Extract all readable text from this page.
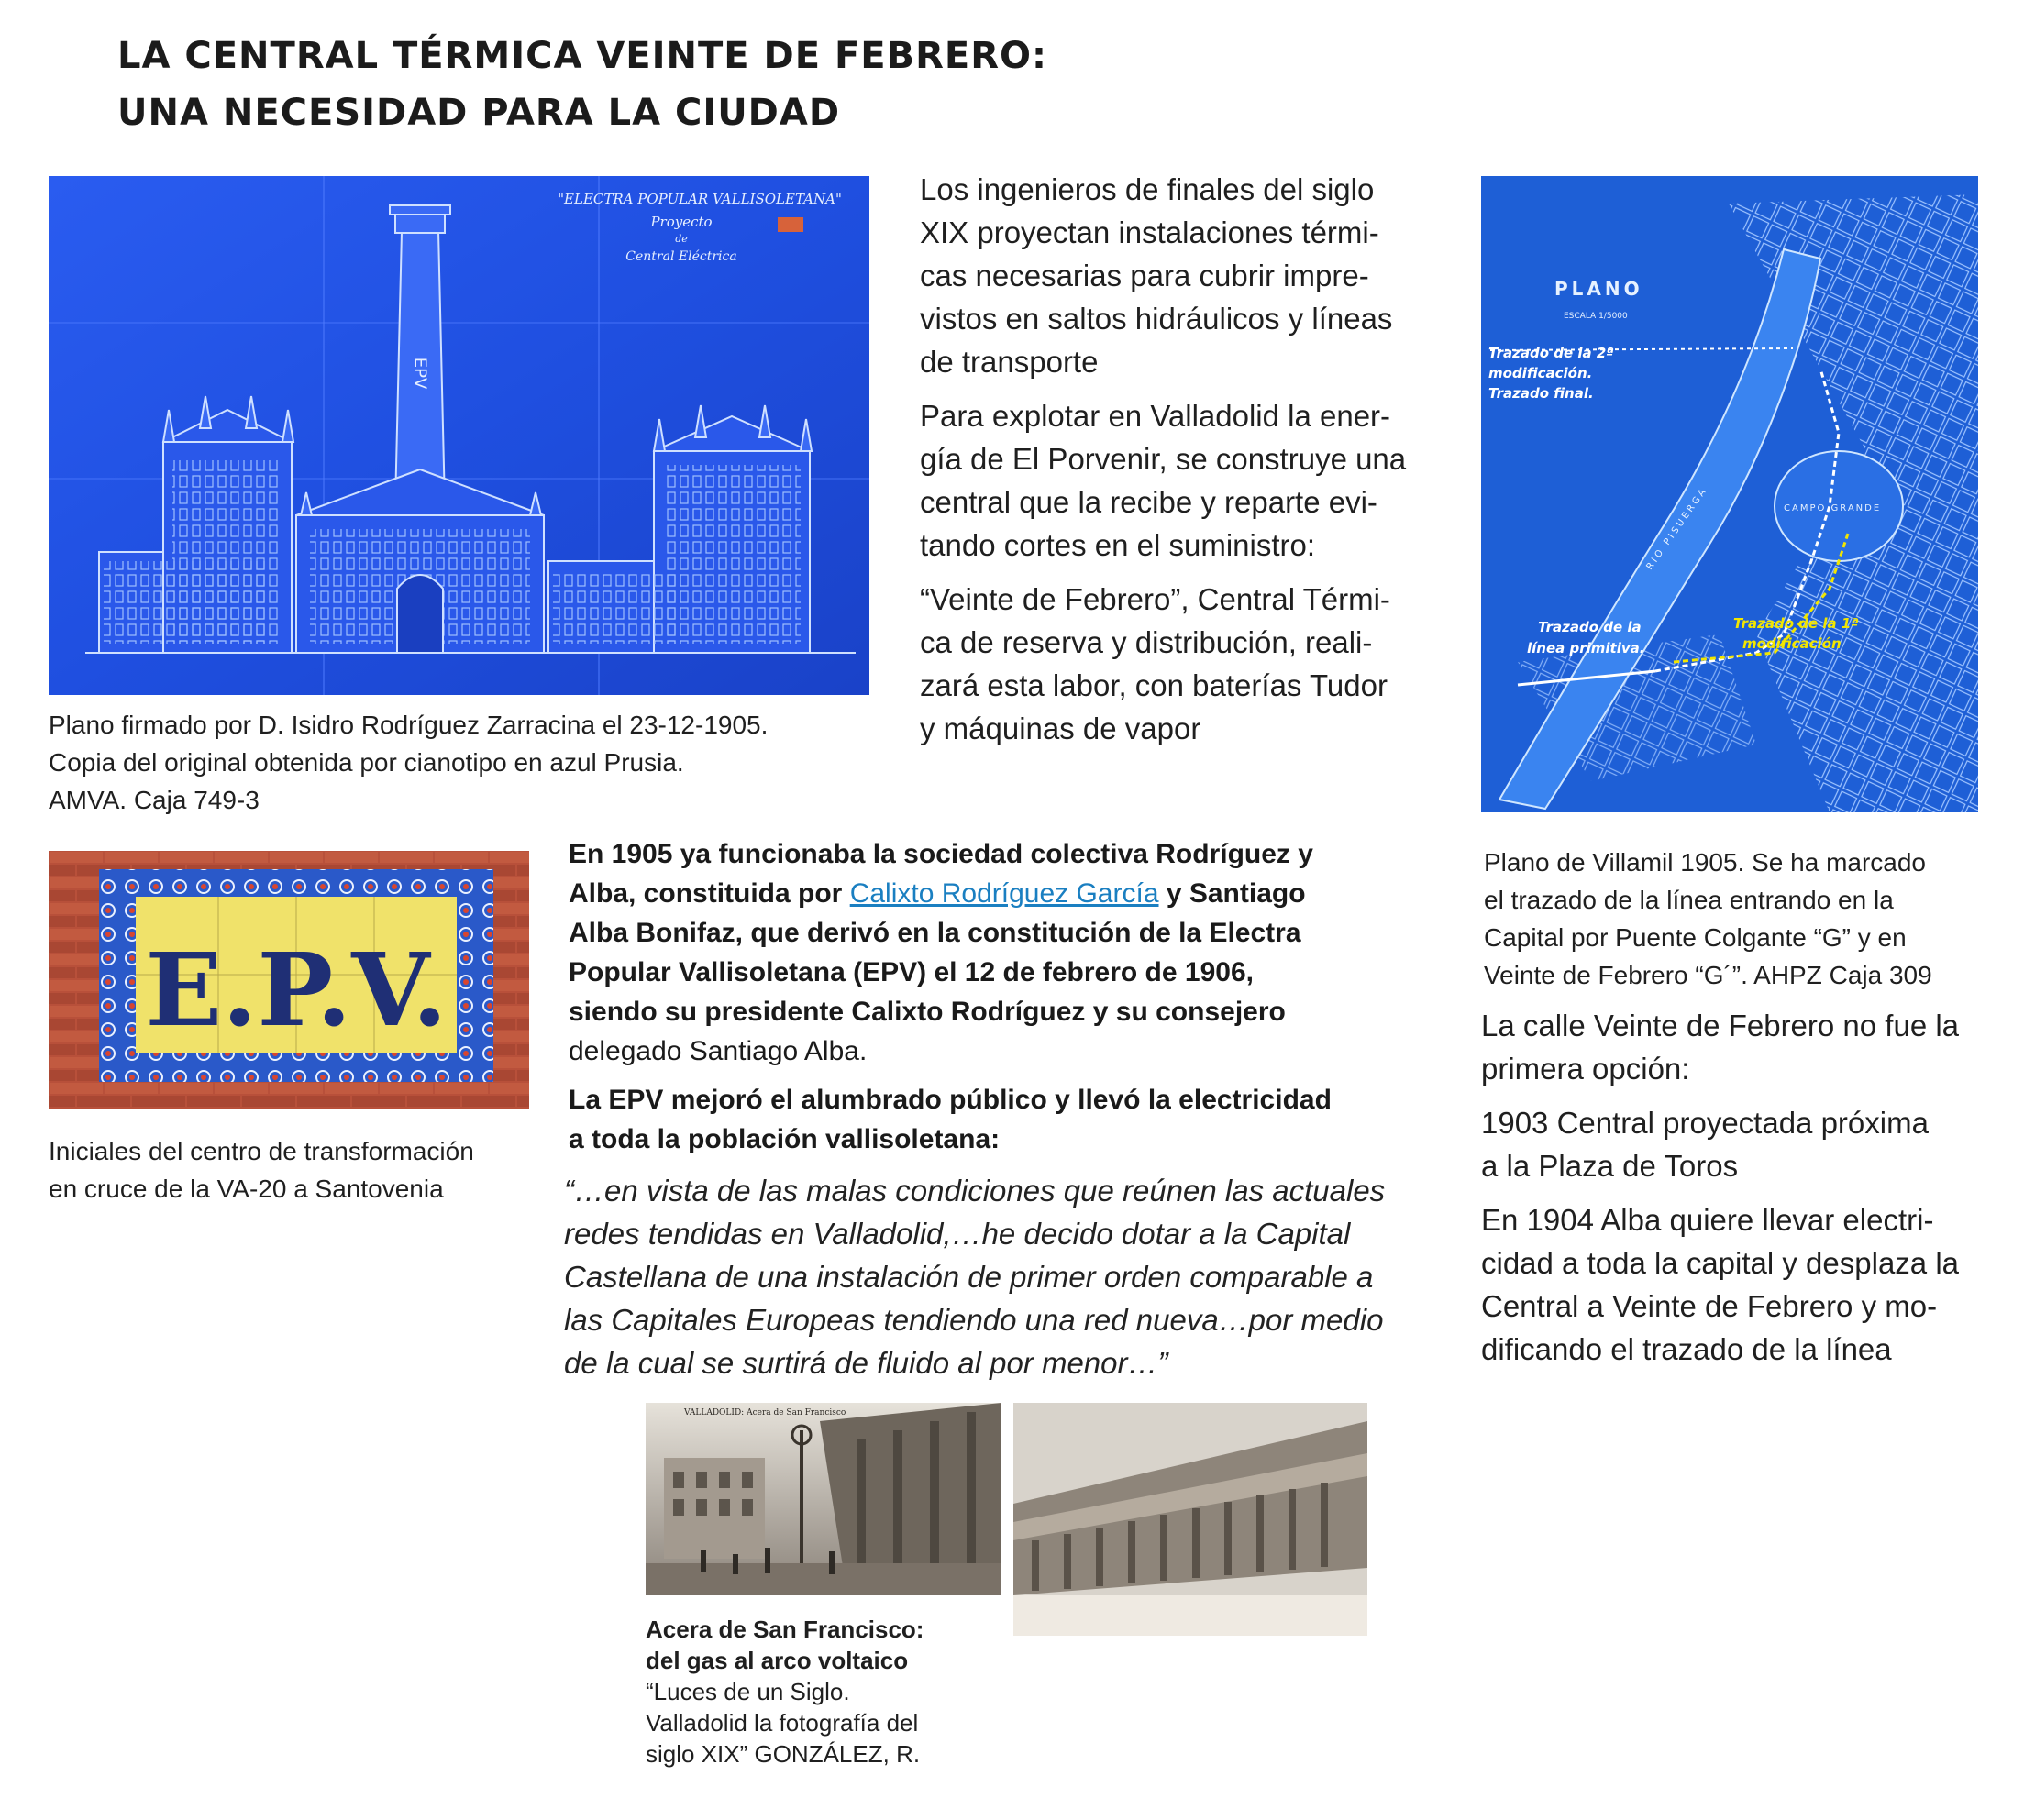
LA CENTRAL TÉRMICA VEINTE DE FEBRERO:
UNA NECESIDAD PARA LA CIUDAD
"ELECTRA POPULAR VALLISOLETANA"
Proyecto
de
Central Eléctrica
EPV
Plano firmado por D. Isidro Rodríguez Zarracina el 23-12-1905.
Copia del original obtenida por cianotipo en azul Prusia.
AMVA. Caja 749-3

Los ingenieros de finales del siglo
XIX proyectan instalaciones térmi-
cas necesarias para cubrir impre-
vistos en saltos hidráulicos y líneas
de transporte

Para explotar en Valladolid la ener-
gía de El Porvenir, se construye una
central que la recibe y reparte evi-
tando cortes en el suministro:

“Veinte de Febrero”, Central Térmi-
ca de reserva y distribución, reali-
zará esta labor, con baterías Tudor
y máquinas de vapor

PLANO
ESCALA 1/5000
Trazado de la 2ª modificación. Trazado final.
Trazado de la línea primitiva.
Trazado de la 1ª modificación
RIO PISUERGA	CAMPO GRANDE
Plano de Villamil 1905. Se ha marcado
el trazado de la línea entrando en la
Capital por Puente Colgante “G” y en
Veinte de Febrero “G´”. AHPZ Caja 309
E.P.V.
Iniciales del centro de transformación
en cruce de la VA-20 a Santovenia

En 1905 ya funcionaba la sociedad colectiva Rodríguez y
Alba, constituida por Calixto Rodríguez García y Santiago
Alba Bonifaz, que derivó en la constitución de la Electra
Popular Vallisoletana (EPV) el 12 de febrero de 1906,
siendo su presidente Calixto Rodríguez y su consejero
delegado Santiago Alba.

La EPV mejoró el alumbrado público y llevó la electricidad
a toda la población vallisoletana:

“…en vista de las malas condiciones que reúnen las actuales
redes tendidas en Valladolid,…he decido dotar a la Capital
Castellana de una instalación de primer orden comparable a
las Capitales Europeas tendiendo una red nueva…por medio
de la cual se surtirá de fluido al por menor…”

La calle Veinte de Febrero no fue la
primera opción:

1903 Central proyectada próxima
a la Plaza de Toros

En 1904 Alba quiere llevar electri-
cidad a toda la capital y desplaza la
Central a Veinte de Febrero y mo-
dificando el trazado de la línea

VALLADOLID: Acera de San Francisco
Acera de San Francisco:
del gas al arco voltaico
“Luces de un Siglo.
Valladolid la fotografía del
siglo XIX” GONZÁLEZ, R.
